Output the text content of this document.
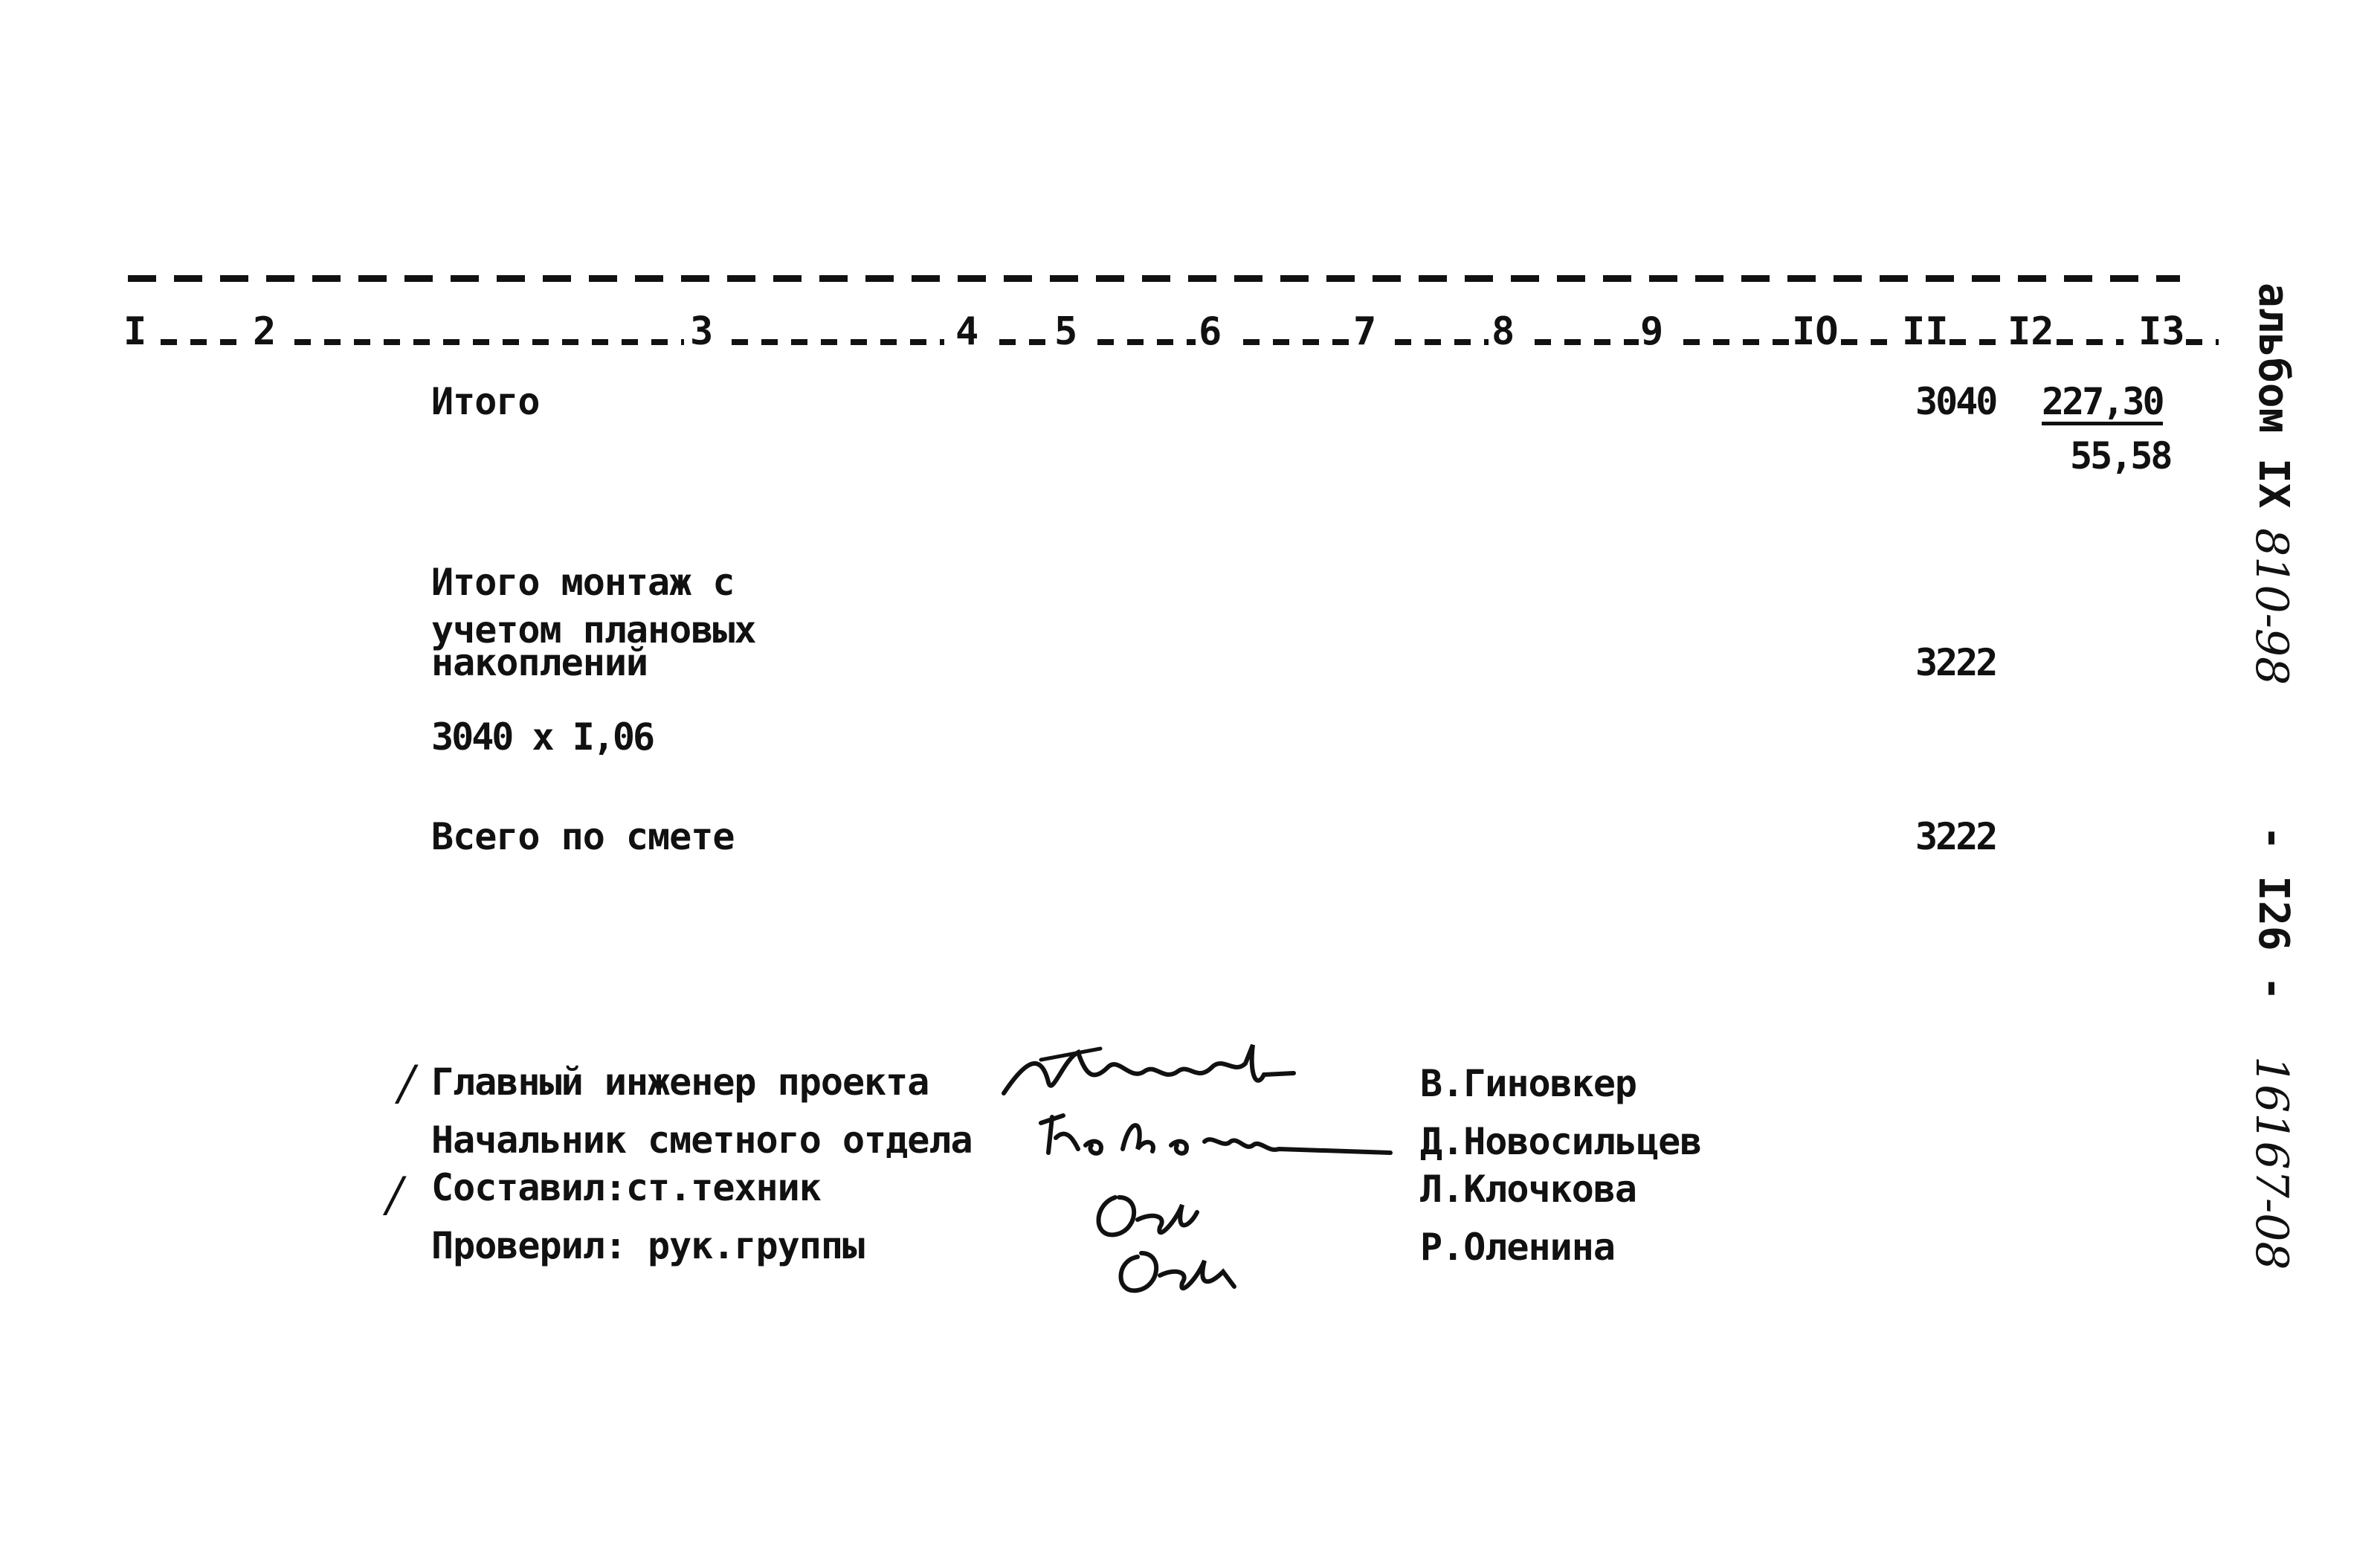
I	2	3	4 5	6	7	8	9	IO II I2 I3
Итого	3040 227,30
55,58
Итого монтаж с
учетом плановых
накоплений	3222
3040 х I,06
Всего по смете	3222
/
/
Главный инженер проекта
Начальник сметного отдела
Составил:ст.техник
Проверил: рук.группы
В.Гиновкер
Д.Новосильцев
Л.Клочкова
Р.Оленина
альбом IX
810-98
- I26 -
16167-08
